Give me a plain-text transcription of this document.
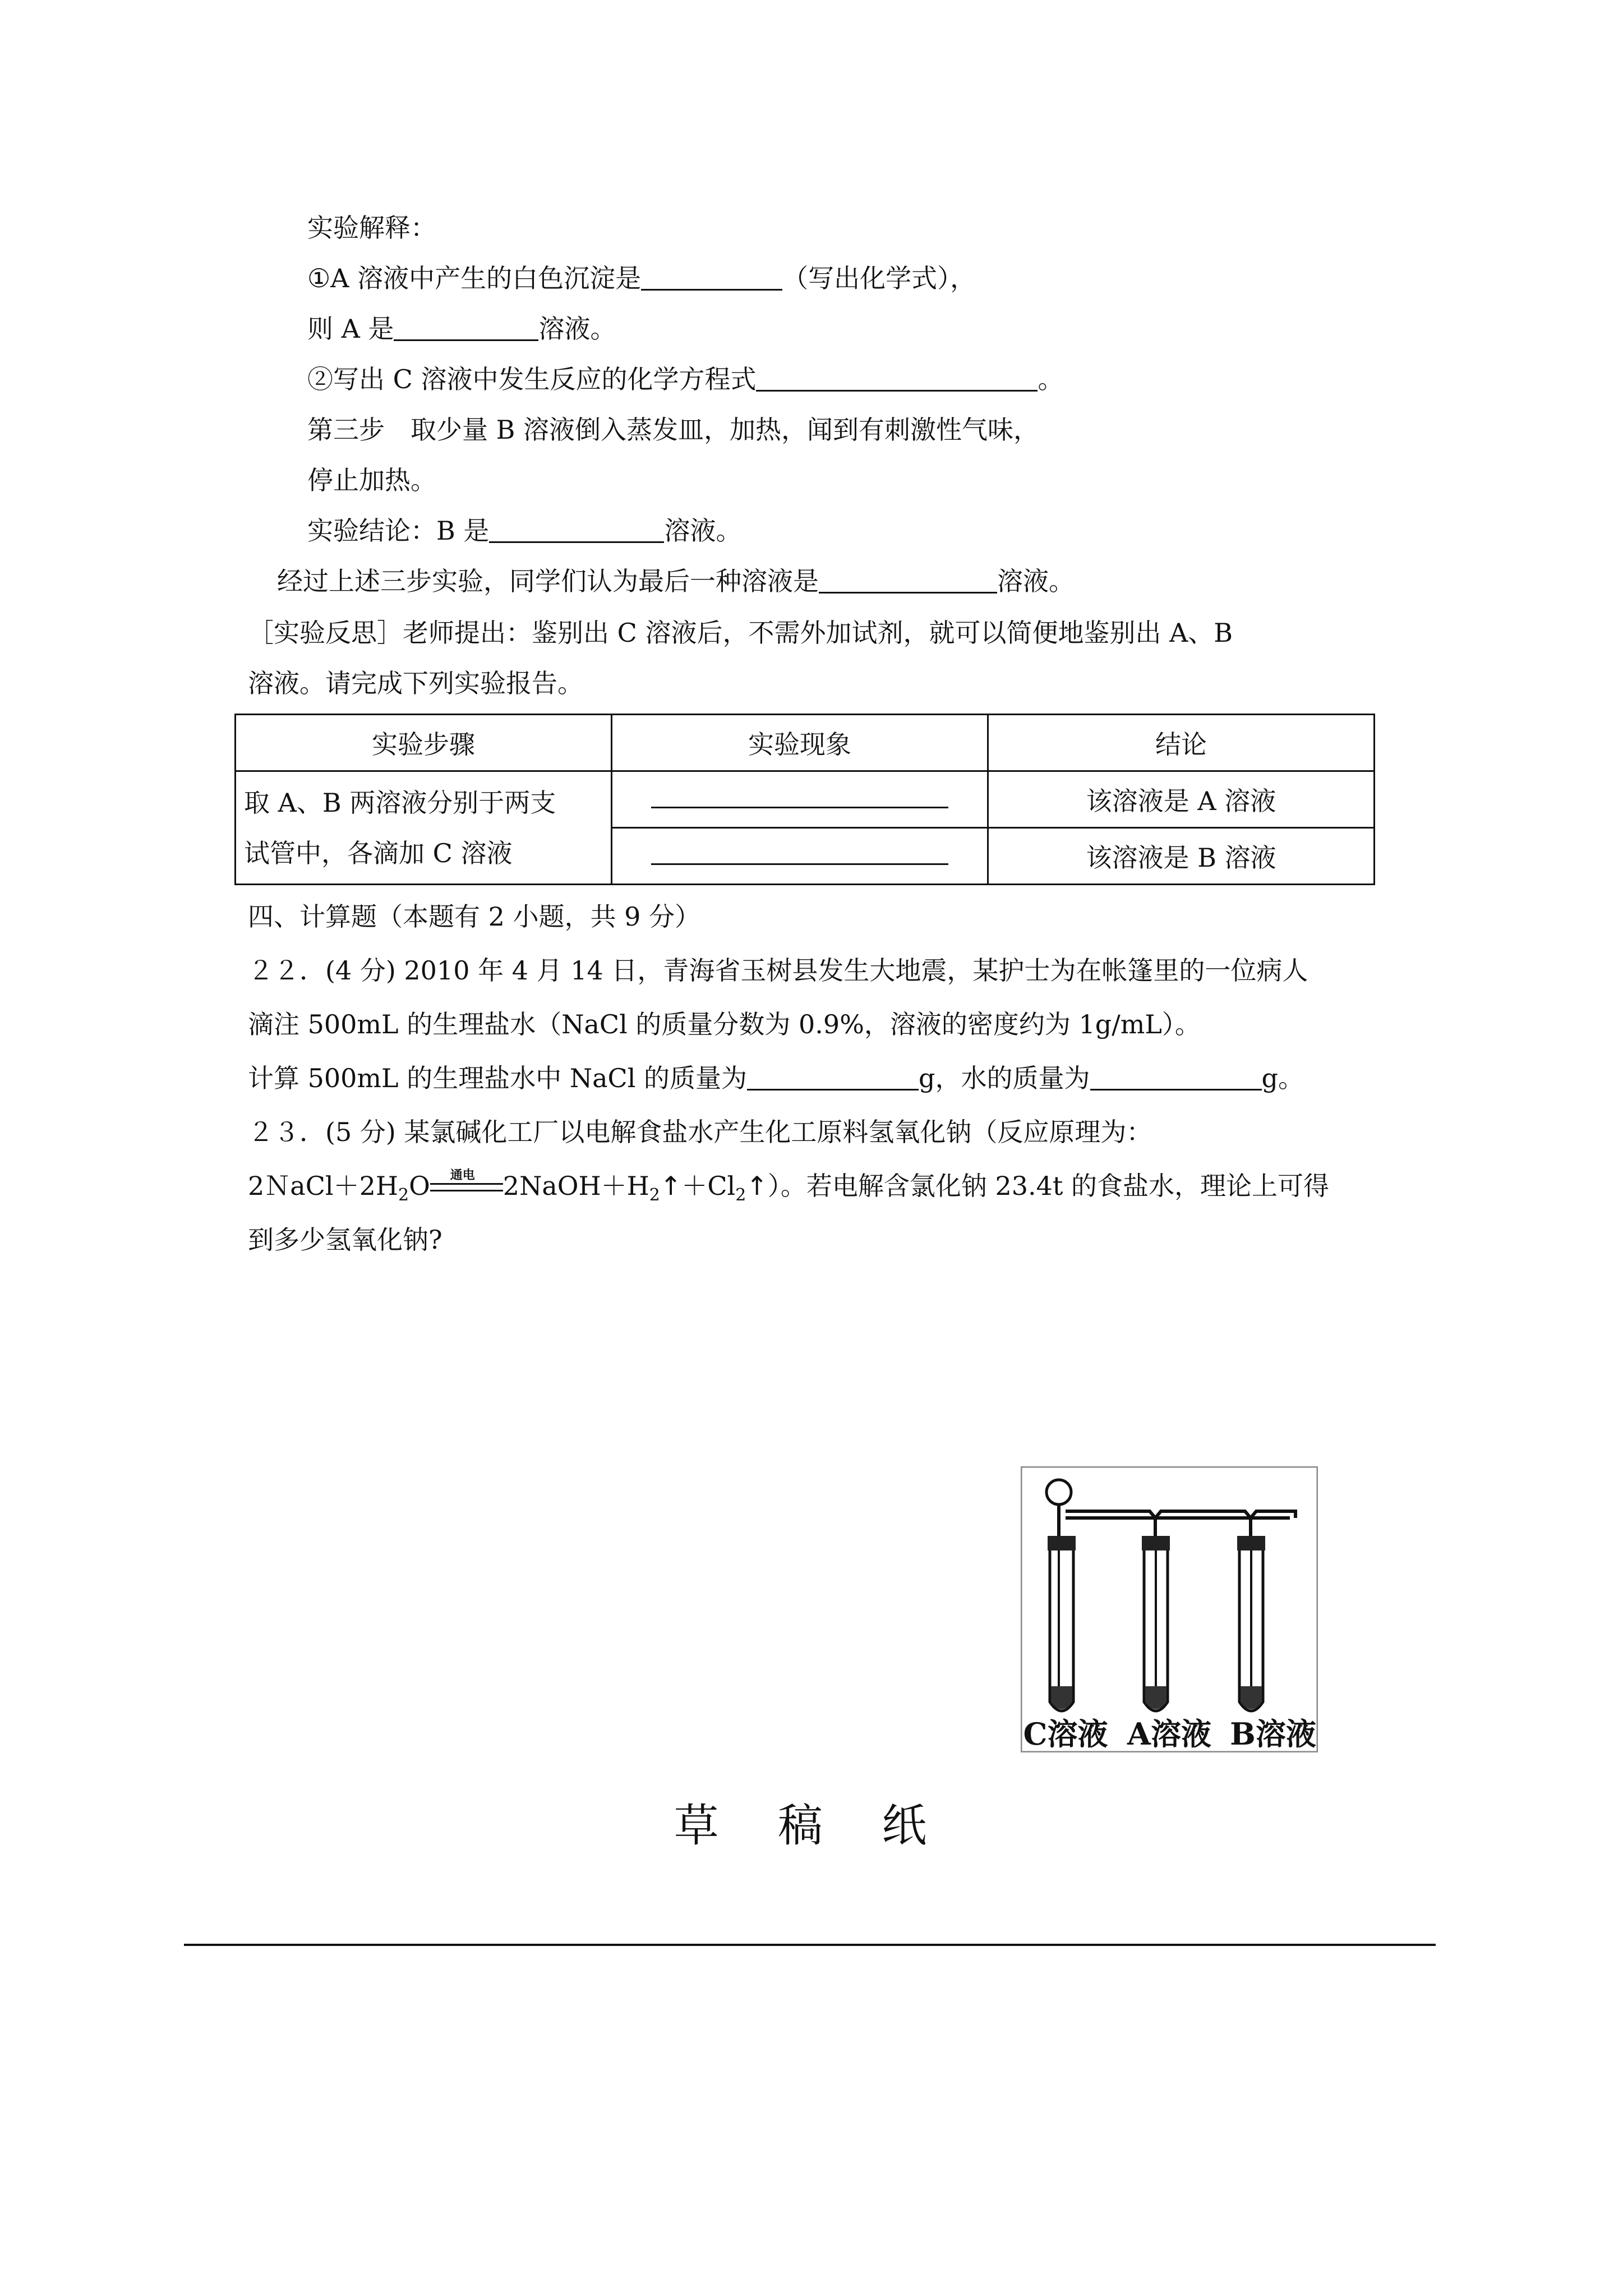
实验解释：
①A 溶液中产生的白色沉淀是	（写出化学式），
则 A 是	溶液。
②写出 C 溶液中发生反应的化学方程式	。
第三步　取少量 B 溶液倒入蒸发皿，加热，闻到有刺激性气味，
停止加热。
实验结论：B 是	溶液。
经过上述三步实验，同学们认为最后一种溶液是	溶液。
［实验反思］老师提出：鉴别出 C 溶液后，不需外加试剂，就可以简便地鉴别出 A、B
溶液。请完成下列实验报告。
实验步骤	实验现象	结论

取 A、B 两溶液分别于两支
试管中，各滴加 C 溶液		该溶液是 A 溶液
		该溶液是 B 溶液
四、计算题（本题有 2 小题，共 9 分）
２２．(4 分) 2010 年 4 月 14 日，青海省玉树县发生大地震，某护士为在帐篷里的一位病人
滴注 500mL 的生理盐水（NaCl 的质量分数为 0.9%，溶液的密度约为 1g/mL）。
计算 500mL 的生理盐水中 NaCl 的质量为	g，水的质量为	g。
２３．(5 分) 某氯碱化工厂以电解食盐水产生化工原料氢氧化钠（反应原理为：
$2NaCl+2H_2O$ 通电 $2NaOH+H_2↑+Cl_2↑$）。若电解含氯化钠 23.4t 的食盐水，理论上可得
到多少氢氧化钠?
C溶液 A溶液 B溶液
草 稿 纸
